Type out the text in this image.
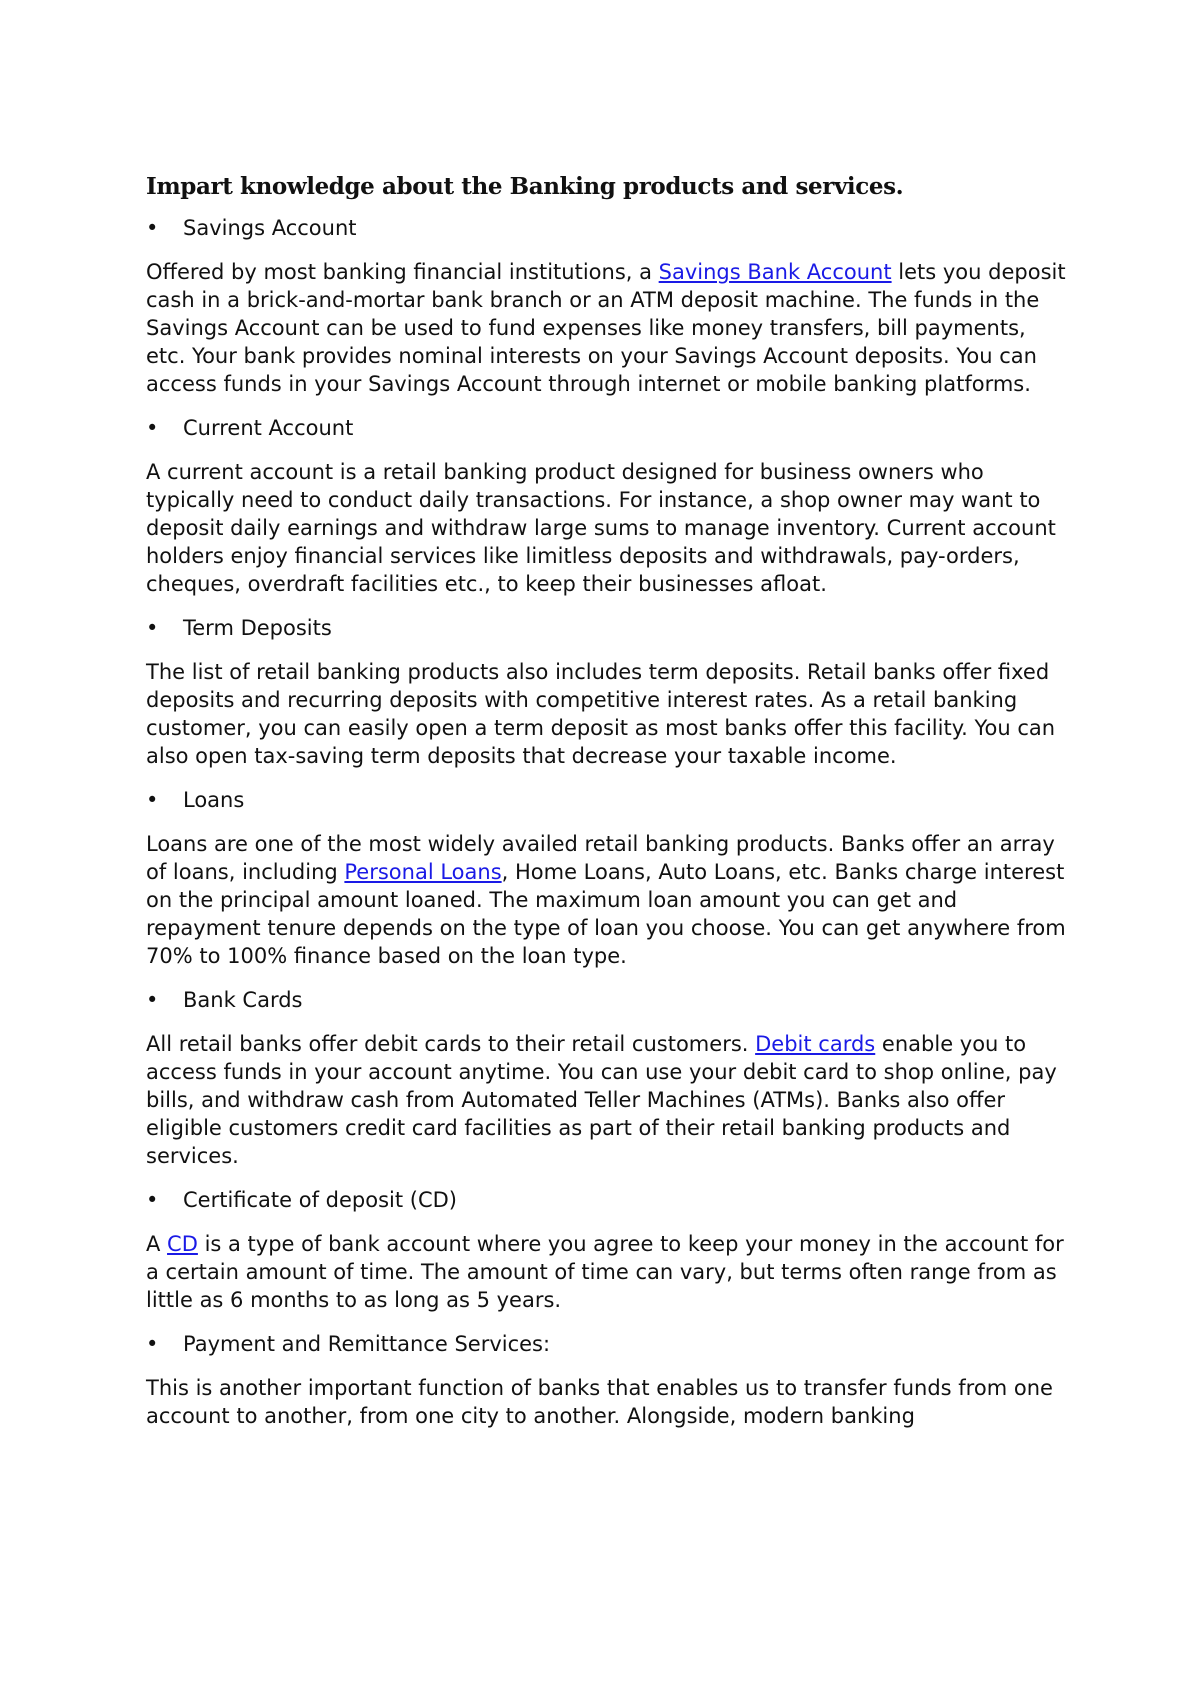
Impart knowledge about the Banking products and services.
•	Savings Account

Offered by most banking financial institutions, a Savings Bank Account lets you deposit cash in a brick-and-mortar bank branch or an ATM deposit machine. The funds in the Savings Account can be used to fund expenses like money transfers, bill payments, etc. Your bank provides nominal interests on your Savings Account deposits. You can access funds in your Savings Account through internet or mobile banking platforms.

•	Current Account

A current account is a retail banking product designed for business owners who typically need to conduct daily transactions. For instance, a shop owner may want to deposit daily earnings and withdraw large sums to manage inventory. Current account holders enjoy financial services like limitless deposits and withdrawals, pay-orders, cheques, overdraft facilities etc., to keep their businesses afloat.

•	Term Deposits

The list of retail banking products also includes term deposits. Retail banks offer fixed deposits and recurring deposits with competitive interest rates. As a retail banking customer, you can easily open a term deposit as most banks offer this facility. You can also open tax-saving term deposits that decrease your taxable income.

•	Loans

Loans are one of the most widely availed retail banking products. Banks offer an array of loans, including Personal Loans, Home Loans, Auto Loans, etc. Banks charge interest on the principal amount loaned. The maximum loan amount you can get and repayment tenure depends on the type of loan you choose. You can get anywhere from 70% to 100% finance based on the loan type.

•	Bank Cards

All retail banks offer debit cards to their retail customers. Debit cards enable you to access funds in your account anytime. You can use your debit card to shop online, pay bills, and withdraw cash from Automated Teller Machines (ATMs). Banks also offer eligible customers credit card facilities as part of their retail banking products and services.

•	Certificate of deposit (CD)

A CD is a type of bank account where you agree to keep your money in the account for a certain amount of time. The amount of time can vary, but terms often range from as little as 6 months to as long as 5 years.

•	Payment and Remittance Services:

This is another important function of banks that enables us to transfer funds from one account to another, from one city to another. Alongside, modern banking
